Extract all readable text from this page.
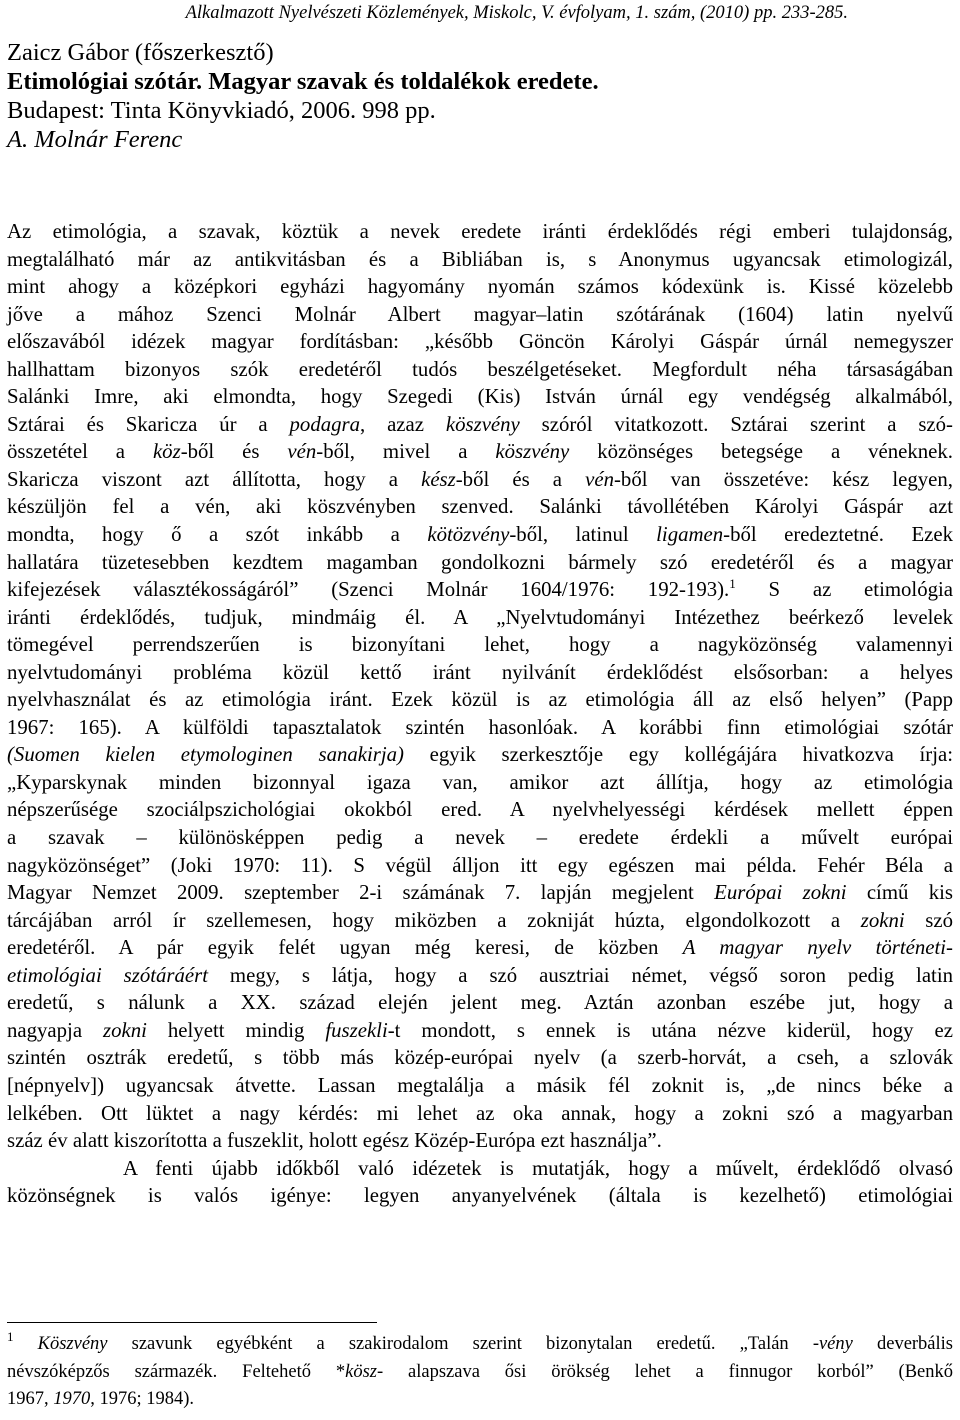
Alkalmazott Nyelvészeti Közlemények, Miskolc, V. évfolyam, 1. szám, (2010) pp. 233-285.
Zaicz Gábor (főszerkesztő)
Etimológiai szótár. Magyar szavak és toldalékok eredete.
Budapest: Tinta Könyvkiadó, 2006. 998 pp.
A. Molnár Ferenc
Az etimológia, a szavak, köztük a nevek eredete iránti érdeklődés régi emberi tulajdonság,
megtalálható már az antikvitásban és a Bibliában is, s Anonymus ugyancsak etimologizál,
mint ahogy a középkori egyházi hagyomány nyomán számos kódexünk is. Kissé közelebb
jőve a mához Szenci Molnár Albert magyar–latin szótárának (1604) latin nyelvű
előszavából idézek magyar fordításban: „később Göncön Károlyi Gáspár úrnál nemegyszer
hallhattam bizonyos szók eredetéről tudós beszélgetéseket. Megfordult néha társaságában
Salánki Imre, aki elmondta, hogy Szegedi (Kis) István úrnál egy vendégség alkalmából,
Sztárai és Skaricza úr a podagra, azaz köszvény szóról vitatkozott. Sztárai szerint a szó-
összetétel a köz-ből és vén-ből, mivel a köszvény közönséges betegsége a véneknek.
Skaricza viszont azt állította, hogy a kész-ből és a vén-ből van összetéve: kész legyen,
készüljön fel a vén, aki köszvényben szenved. Salánki távollétében Károlyi Gáspár azt
mondta, hogy ő a szót inkább a kötözvény-ből, latinul ligamen-ből eredeztetné. Ezek
hallatára tüzetesebben kezdtem magamban gondolkozni bármely szó eredetéről és a magyar
kifejezések választékosságáról” (Szenci Molnár 1604/1976: 192-193).$^1$ S az etimológia
iránti érdeklődés, tudjuk, mindmáig él. A „Nyelvtudományi Intézethez beérkező levelek
tömegével perrendszerűen is bizonyítani lehet, hogy a nagyközönség valamennyi
nyelvtudományi probléma közül kettő iránt nyilvánít érdeklődést elsősorban: a helyes
nyelvhasználat és az etimológia iránt. Ezek közül is az etimológia áll az első helyen” (Papp
1967: 165). A külföldi tapasztalatok szintén hasonlóak. A korábbi finn etimológiai szótár
(Suomen kielen etymologinen sanakirja) egyik szerkesztője egy kollégájára hivatkozva írja:
„Kyparskynak minden bizonnyal igaza van, amikor azt állítja, hogy az etimológia
népszerűsége szociálpszichológiai okokból ered. A nyelvhelyességi kérdések mellett éppen
a szavak – különösképpen pedig a nevek – eredete érdekli a művelt európai
nagyközönséget” (Joki 1970: 11). S végül álljon itt egy egészen mai példa. Fehér Béla a
Magyar Nemzet 2009. szeptember 2-i számának 7. lapján megjelent Európai zokni című kis
tárcájában arról ír szellemesen, hogy miközben a zokniját húzta, elgondolkozott a zokni szó
eredetéről. A pár egyik felét ugyan még keresi, de közben A magyar nyelv történeti-
etimológiai szótáráért megy, s látja, hogy a szó ausztriai német, végső soron pedig latin
eredetű, s nálunk a XX. század elején jelent meg. Aztán azonban eszébe jut, hogy a
nagyapja zokni helyett mindig fuszekli-t mondott, s ennek is utána nézve kiderül, hogy ez
szintén osztrák eredetű, s több más közép-európai nyelv (a szerb-horvát, a cseh, a szlovák
[népnyelv]) ugyancsak átvette. Lassan megtalálja a másik fél zoknit is, „de nincs béke a
lelkében. Ott lüktet a nagy kérdés: mi lehet az oka annak, hogy a zokni szó a magyarban
száz év alatt kiszorította a fuszeklit, holott egész Közép-Európa ezt használja”.
A fenti újabb időkből való idézetek is mutatják, hogy a művelt, érdeklődő olvasó
közönségnek is valós igénye: legyen anyanyelvének (általa is kezelhető) etimológiai
$^1$ Köszvény szavunk egyébként a szakirodalom szerint bizonytalan eredetű. „Talán -vény deverbális
névszóképzős származék. Feltehető *kösz- alapszava ősi örökség lehet a finnugor korból” (Benkő
1967, 1970, 1976; 1984).
